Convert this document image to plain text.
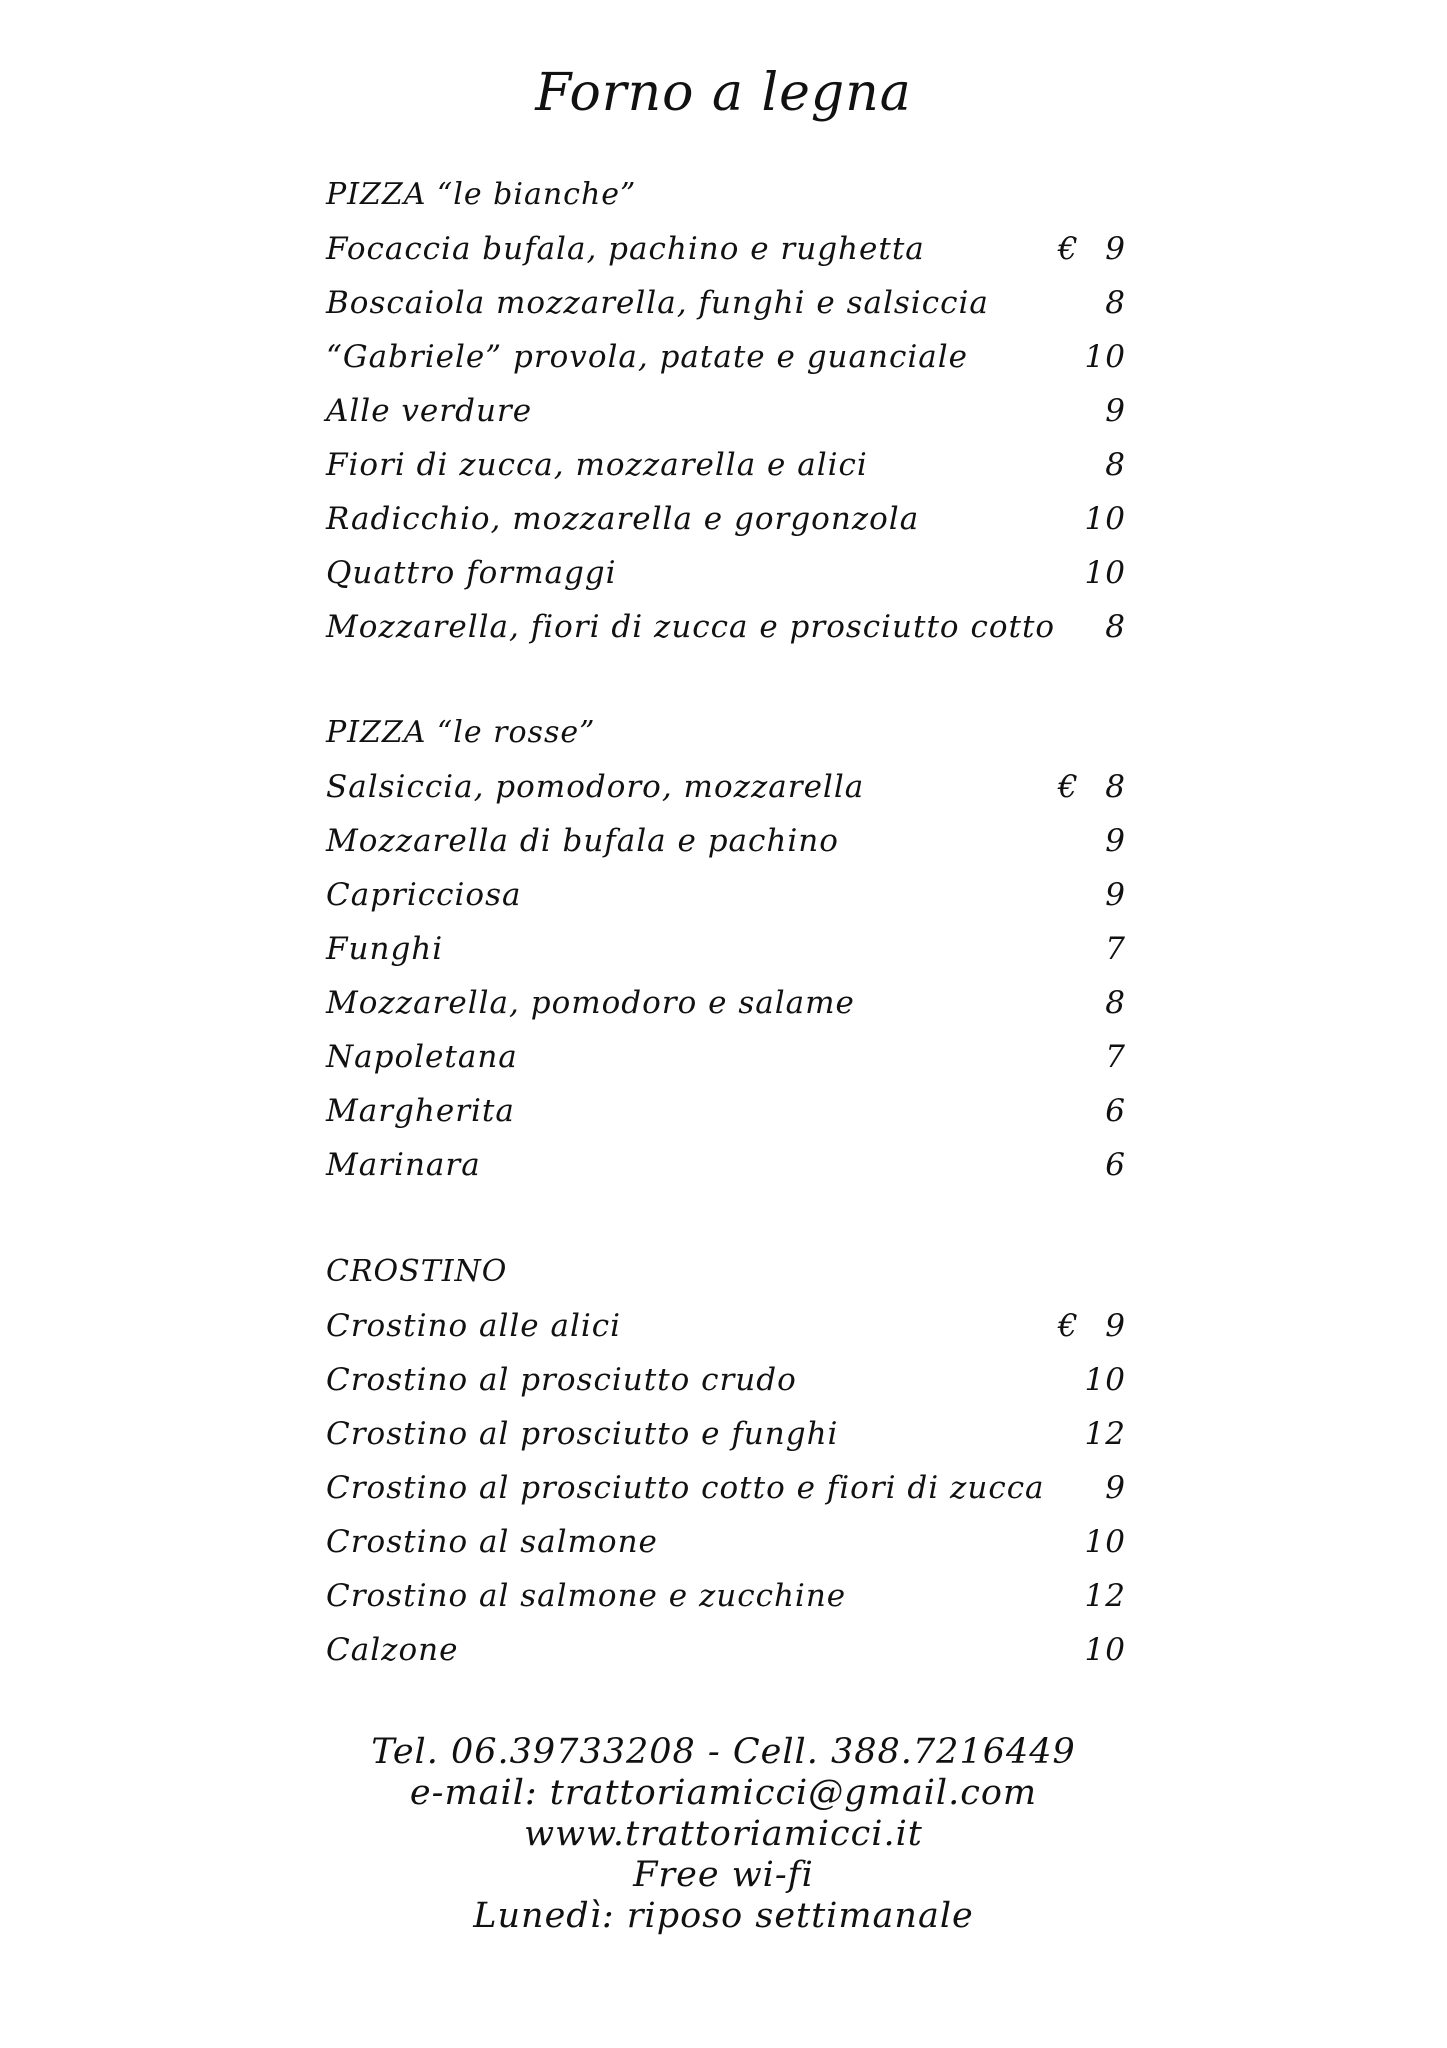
Forno a legna
PIZZA “le bianche”
Focaccia bufala, pachino e rughetta	€ 9
Boscaiola mozzarella, funghi e salsiccia	8
“Gabriele” provola, patate e guanciale	10
Alle verdure	9
Fiori di zucca, mozzarella e alici	8
Radicchio, mozzarella e gorgonzola	10
Quattro formaggi	10
Mozzarella, fiori di zucca e prosciutto cotto 8
PIZZA “le rosse”
Salsiccia, pomodoro, mozzarella	€ 8
Mozzarella di bufala e pachino	9
Capricciosa	9
Funghi	7
Mozzarella, pomodoro e salame	8
Napoletana	7
Margherita	6
Marinara	6
CROSTINO
Crostino alle alici	€ 9
Crostino al prosciutto crudo	10
Crostino al prosciutto e funghi	12
Crostino al prosciutto cotto e fiori di zucca 9
Crostino al salmone	10
Crostino al salmone e zucchine	12
Calzone	10
Tel. 06.39733208 - Cell. 388.7216449
e-mail: trattoriamicci@gmail.com
www.trattoriamicci.it
Free wi-fi
Lunedì: riposo settimanale
